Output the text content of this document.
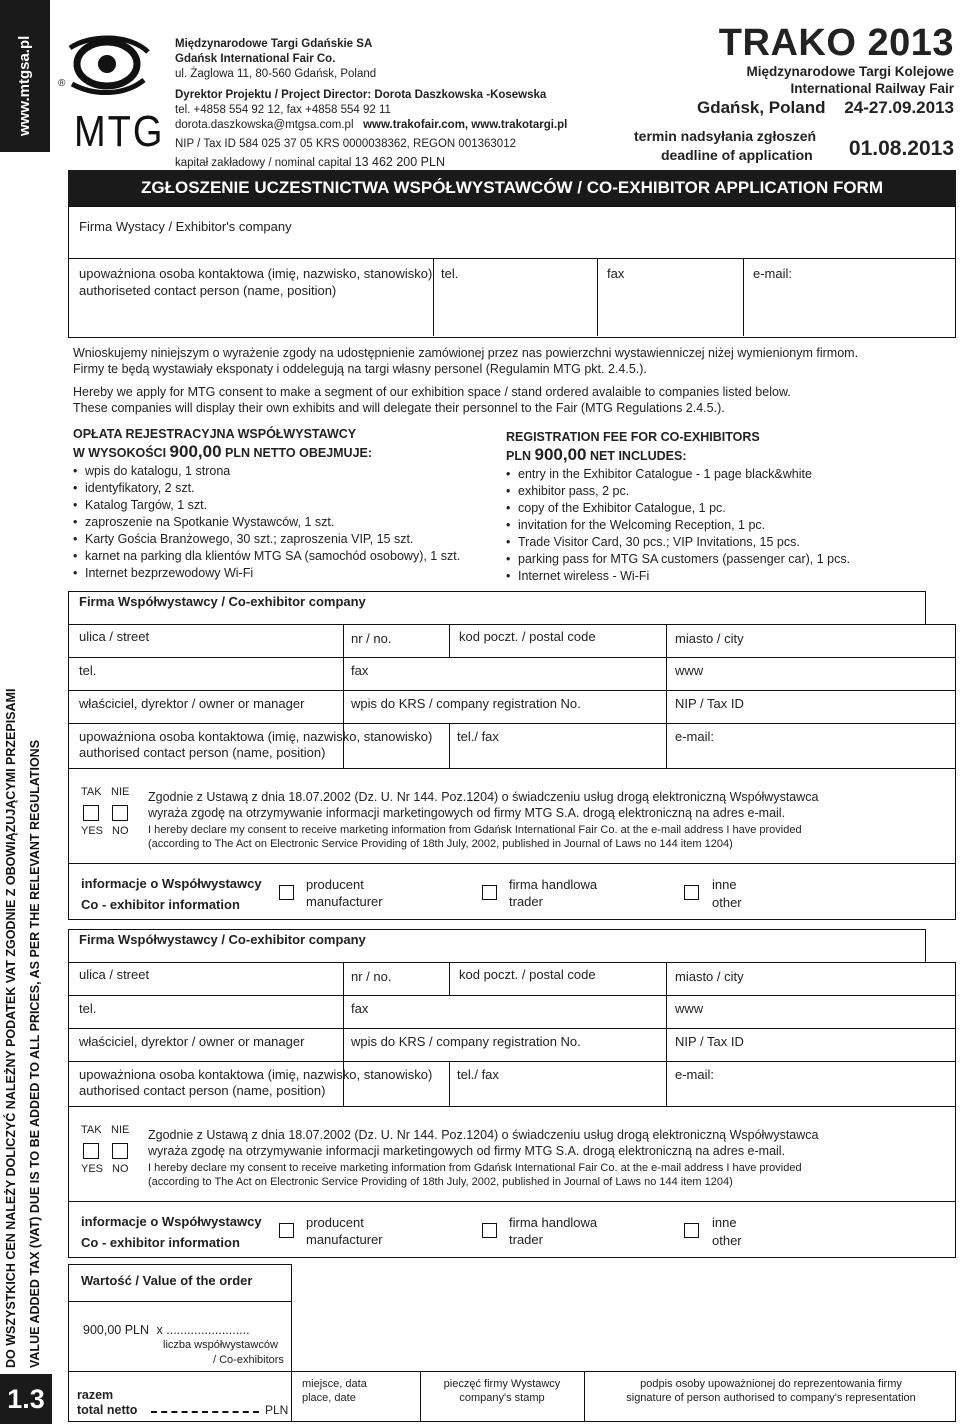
www.mtgsa.pl
DO WSZYSTKICH CEN NALEŻY DOLICZYĆ NALEŻNY PODATEK VAT ZGODNIE Z OBOWIĄZUJĄCYMI PRZEPISAMI VALUE ADDED TAX (VAT) DUE IS TO BE ADDED TO ALL PRICES, AS PER THE RELEVANT REGULATIONS
1.3
®
MTG
Międzynarodowe Targi Gdańskie SA
Gdańsk International Fair Co.
ul. Żaglowa 11, 80-560 Gdańsk, Poland
Dyrektor Projektu / Project Director: Dorota Daszkowska -Kosewska
tel. +4858 554 92 12, fax +4858 554 92 11
dorota.daszkowska@mtgsa.com.pl www.trakofair.com, www.trakotargi.pl
NIP / Tax ID 584 025 37 05 KRS 0000038362, REGON 001363012
kapitał zakładowy / nominal capital 13 462 200 PLN
TRAKO 2013
Międzynarodowe Targi Kolejowe
International Railway Fair
Gdańsk, Poland 24-27.09.2013
termin nadsyłania zgłoszeń
deadline of application 01.08.2013
ZGŁOSZENIE UCZESTNICTWA WSPÓŁWYSTAWCÓW / CO-EXHIBITOR APPLICATION FORM
Firma Wystacy / Exhibitor's company
upoważniona osoba kontaktowa (imię, nazwisko, stanowisko)
authoriseted contact person (name, position)
tel.	fax	e-mail:
Wnioskujemy niniejszym o wyrażenie zgody na udostępnienie zamówionej przez nas powierzchni wystawienniczej niżej wymienionym firmom.
Firmy te będą wystawiały eksponaty i oddelegują na targi własny personel (Regulamin MTG pkt. 2.4.5.).
Hereby we apply for MTG consent to make a segment of our exhibition space / stand ordered avalaible to companies listed below.
These companies will display their own exhibits and will delegate their personnel to the Fair (MTG Regulations 2.4.5.).
OPŁATA REJESTRACYJNA WSPÓŁWYSTAWCY
W WYSOKOŚCI 900,00 PLN NETTO OBEJMUJE:
• wpis do katalogu, 1 strona
• identyfikatory, 2 szt.
• Katalog Targów, 1 szt.
• zaproszenie na Spotkanie Wystawców, 1 szt.
• Karty Gościa Branżowego, 30 szt.; zaproszenia VIP, 15 szt.
• karnet na parking dla klientów MTG SA (samochód osobowy), 1 szt.
• Internet bezprzewodowy Wi-Fi
REGISTRATION FEE FOR CO-EXHIBITORS
PLN 900,00 NET INCLUDES:
• entry in the Exhibitor Catalogue - 1 page black&white
• exhibitor pass, 2 pc.
• copy of the Exhibitor Catalogue, 1 pc.
• invitation for the Welcoming Reception, 1 pc.
• Trade Visitor Card, 30 pcs.; VIP Invitations, 15 pcs.
• parking pass for MTG SA customers (passenger car), 1 pcs.
• Internet wireless - Wi-Fi
Firma Współwystawcy / Co-exhibitor company
ulica / street	nr / no.	kod poczt. / postal code	miasto / city
tel.	fax	www
właściciel, dyrektor / owner or manager	wpis do KRS / company registration No.	NIP / Tax ID
upoważniona osoba kontaktowa (imię, nazwisko, stanowisko)
authorised contact person (name, position)
tel./ fax	e-mail:
TAK NIE
YES NO
Zgodnie z Ustawą z dnia 18.07.2002 (Dz. U. Nr 144. Poz.1204) o świadczeniu usług drogą elektroniczną Współwystawca
wyraża zgodę na otrzymywanie informacji marketingowych od firmy MTG S.A. drogą elektroniczną na adres e-mail.
I hereby declare my consent to receive marketing information from Gdańsk International Fair Co. at the e-mail address I have provided
(according to The Act on Electronic Service Providing of 18th July, 2002, published in Journal of Laws no 144 item 1204)
informacje o Współwystawcy
Co - exhibitor information
producent
manufacturer
firma handlowa
trader
inne
other
Firma Współwystawcy / Co-exhibitor company
ulica / street	nr / no.	kod poczt. / postal code	miasto / city
tel.	fax	www
właściciel, dyrektor / owner or manager	wpis do KRS / company registration No.	NIP / Tax ID
upoważniona osoba kontaktowa (imię, nazwisko, stanowisko)
authorised contact person (name, position)
tel./ fax	e-mail:
TAK NIE
YES NO
Zgodnie z Ustawą z dnia 18.07.2002 (Dz. U. Nr 144. Poz.1204) o świadczeniu usług drogą elektroniczną Współwystawca
wyraża zgodę na otrzymywanie informacji marketingowych od firmy MTG S.A. drogą elektroniczną na adres e-mail.
I hereby declare my consent to receive marketing information from Gdańsk International Fair Co. at the e-mail address I have provided
(according to The Act on Electronic Service Providing of 18th July, 2002, published in Journal of Laws no 144 item 1204)
informacje o Współwystawcy
Co - exhibitor information
producent
manufacturer
firma handlowa
trader
inne
other
Wartość / Value of the order
900,00 PLN x ........................
liczba współwystawców
/ Co-exhibitors
razem
total netto	PLN
miejsce, data
place, date
pieczęć firmy Wystawcy
company's stamp
podpis osoby upoważnionej do reprezentowania firmy
signature of person authorised to company's representation
